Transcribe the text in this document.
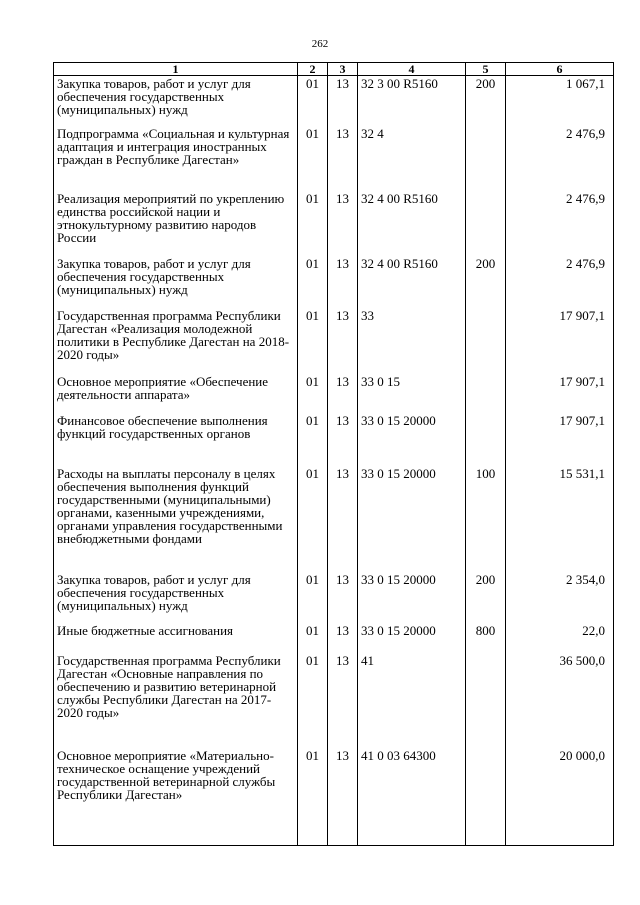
262
1	2	3	4	5	6
Закупка товаров, работ и услуг для обеспечения государственных (муниципальных) нужд	01	13	32 3 00 R5160	200	1 067,1
Подпрограмма «Социальная и культурная адаптация и интеграция иностранных граждан в Республике Дагестан»	01	13	32 4		2 476,9
Реализация мероприятий по укреплению единства российской нации и этнокультурному развитию народов России	01	13	32 4 00 R5160		2 476,9
Закупка товаров, работ и услуг для обеспечения государственных (муниципальных) нужд	01	13	32 4 00 R5160	200	2 476,9
Государственная программа Республики Дагестан «Реализация молодежной политики в Республике Дагестан на 2018-2020 годы»	01	13	33		17 907,1
Основное мероприятие «Обеспечение деятельности аппарата»	01	13	33 0 15		17 907,1
Финансовое обеспечение выполнения функций государственных органов	01	13	33 0 15 20000		17 907,1
Расходы на выплаты персоналу в целях обеспечения выполнения функций государственными (муниципальными) органами, казенными учреждениями, органами управления государственными внебюджетными фондами	01	13	33 0 15 20000	100	15 531,1
Закупка товаров, работ и услуг для обеспечения государственных (муниципальных) нужд	01	13	33 0 15 20000	200	2 354,0
Иные бюджетные ассигнования	01	13	33 0 15 20000	800	22,0
Государственная программа Республики Дагестан «Основные направления по обеспечению и развитию ветеринарной службы Республики Дагестан на 2017-2020 годы»	01	13	41		36 500,0
Основное мероприятие «Материально-техническое оснащение учреждений государственной ветеринарной службы Республики Дагестан»	01	13	41 0 03 64300		20 000,0
